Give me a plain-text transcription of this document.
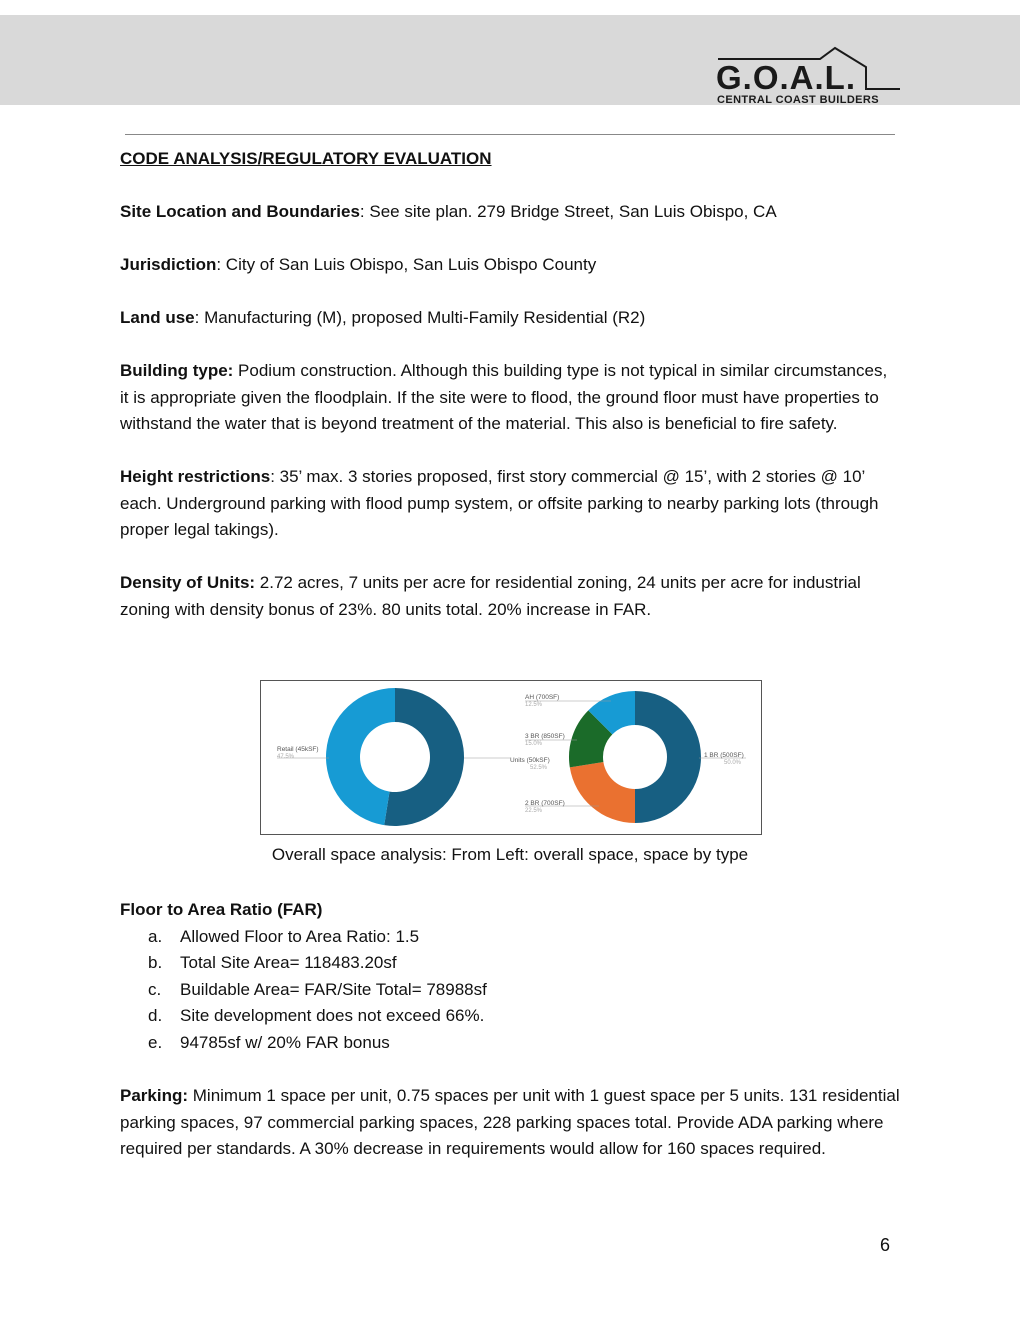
G.O.A.L.
CENTRAL COAST BUILDERS

CODE ANALYSIS/REGULATORY EVALUATION

Site Location and Boundaries: See site plan. 279 Bridge Street, San Luis Obispo, CA

Jurisdiction: City of San Luis Obispo, San Luis Obispo County

Land use: Manufacturing (M), proposed Multi-Family Residential (R2)

Building type: Podium construction. Although this building type is not typical in similar circumstances, it is appropriate given the floodplain. If the site were to flood, the ground floor must have properties to withstand the water that is beyond treatment of the material. This also is beneficial to fire safety.

Height restrictions: 35’ max. 3 stories proposed, first story commercial @ 15’, with 2 stories @ 10’ each. Underground parking with flood pump system, or offsite parking to nearby parking lots (through proper legal takings).

Density of Units: 2.72 acres, 7 units per acre for residential zoning, 24 units per acre for industrial zoning with density bonus of 23%. 80 units total. 20% increase in FAR.

Units (50kSF)
52.5%
Retail (45kSF)
47.5%	1 BR (500SF)
50.0%
2 BR (700SF)
22.5%
3 BR (850SF)
15.0%
AH (700SF)
12.5%
Overall space analysis: From Left: overall space, space by type
Floor to Area Ratio (FAR)
a. Allowed Floor to Area Ratio: 1.5
b. Total Site Area= 118483.20sf
c. Buildable Area= FAR/Site Total= 78988sf
d. Site development does not exceed 66%.
e. 94785sf w/ 20% FAR bonus
Parking: Minimum 1 space per unit, 0.75 spaces per unit with 1 guest space per 5 units. 131 residential parking spaces, 97 commercial parking spaces, 228 parking spaces total. Provide ADA parking where required per standards. A 30% decrease in requirements would allow for 160 spaces required.
6
